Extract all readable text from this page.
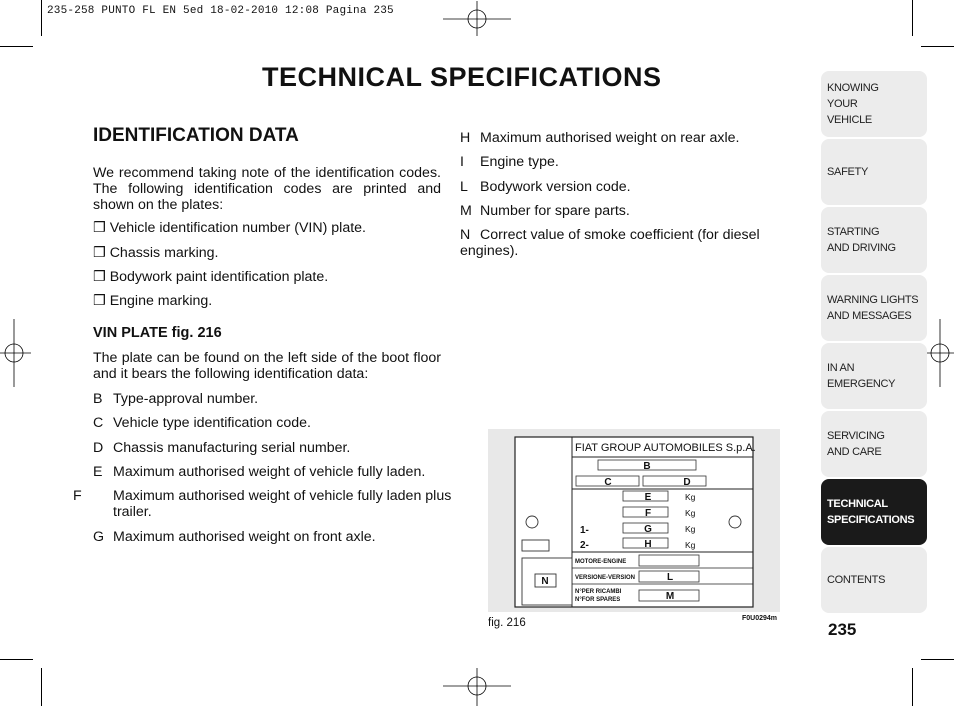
235-258 PUNTO FL EN 5ed 18-02-2010 12:08 Pagina 235
TECHNICAL SPECIFICATIONS
IDENTIFICATION DATA
We recommend taking note of the identification codes. The following identification codes are printed and shown on the plates:
❒ Vehicle identification number (VIN) plate.
❒ Chassis marking.
❒ Bodywork paint identification plate.
❒ Engine marking.
VIN PLATE fig. 216
The plate can be found on the left side of the boot floor and it bears the following identification data:
B Type-approval number.
C Vehicle type identification code.
D Chassis manufacturing serial number.
E Maximum authorised weight of vehicle fully laden.
F Maximum authorised weight of vehicle fully laden plus trailer.
G Maximum authorised weight on front axle.
H Maximum authorised weight on rear axle.
I Engine type.
L Bodywork version code.
M Number for spare parts.
N Correct value of smoke coefficient (for diesel engines).
N
FIAT GROUP AUTOMOBILES S.p.A.
B
C	D
E	Kg
F	Kg
1-	G	Kg
2-	H	Kg
MOTORE-ENGINE
VERSIONE-VERSION	L
N°PER RICAMBI
N°FOR SPARES	M
fig. 216	F0U0294m
KNOWING
YOUR
VEHICLE
SAFETY
STARTING
AND DRIVING
WARNING LIGHTS
AND MESSAGES
IN AN
EMERGENCY
SERVICING
AND CARE
TECHNICAL
SPECIFICATIONS
CONTENTS
235
